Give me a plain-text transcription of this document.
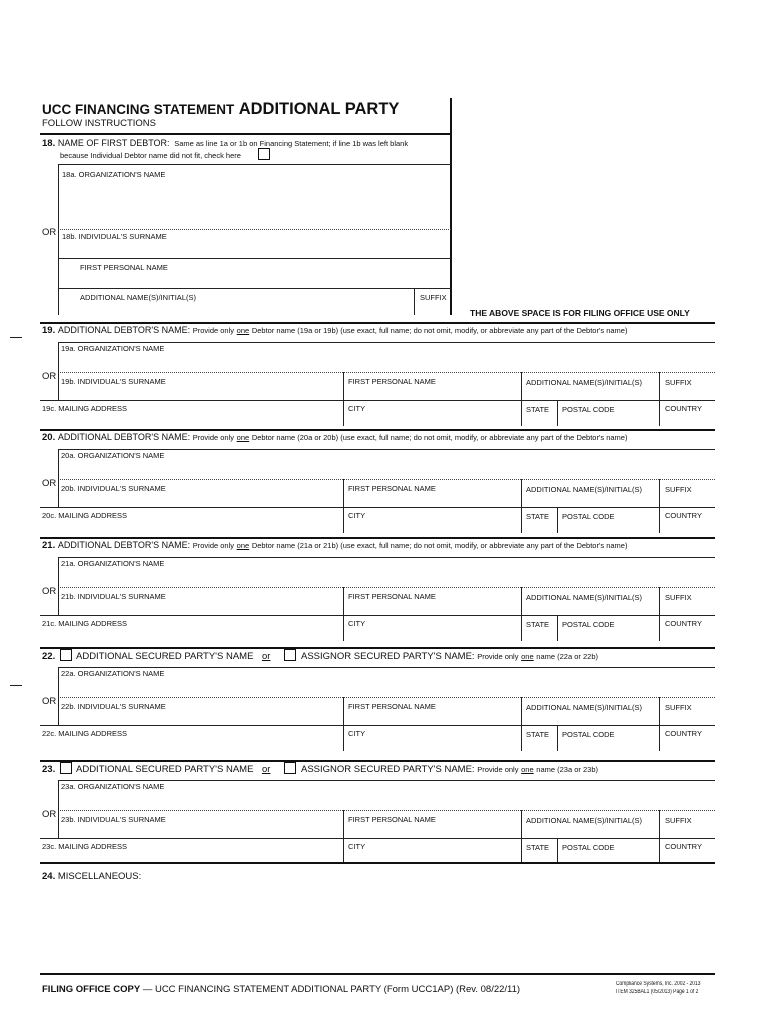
UCC FINANCING STATEMENT ADDITIONAL PARTY
FOLLOW INSTRUCTIONS
18. NAME OF FIRST DEBTOR: Same as line 1a or 1b on Financing Statement; if line 1b was left blank
because Individual Debtor name did not fit, check here
18a. ORGANIZATION'S NAME
OR 18b. INDIVIDUAL'S SURNAME
FIRST PERSONAL NAME
ADDITIONAL NAME(S)/INITIAL(S)	SUFFIX
THE ABOVE SPACE IS FOR FILING OFFICE USE ONLY
19. ADDITIONAL DEBTOR'S NAME: Provide only one Debtor name (19a or 19b) (use exact, full name; do not omit, modify, or abbreviate any part of the Debtor's name)
19a. ORGANIZATION'S NAME
OR 19b. INDIVIDUAL'S SURNAME	FIRST PERSONAL NAME	ADDITIONAL NAME(S)/INITIAL(S)	SUFFIX
19c. MAILING ADDRESS	CITY	STATE POSTAL CODE	COUNTRY
20. ADDITIONAL DEBTOR'S NAME: Provide only one Debtor name (20a or 20b) (use exact, full name; do not omit, modify, or abbreviate any part of the Debtor's name)
20a. ORGANIZATION'S NAME
OR 20b. INDIVIDUAL'S SURNAME	FIRST PERSONAL NAME	ADDITIONAL NAME(S)/INITIAL(S)	SUFFIX
20c. MAILING ADDRESS	CITY	STATE POSTAL CODE	COUNTRY
21. ADDITIONAL DEBTOR'S NAME: Provide only one Debtor name (21a or 21b) (use exact, full name; do not omit, modify, or abbreviate any part of the Debtor's name)
21a. ORGANIZATION'S NAME
OR 21b. INDIVIDUAL'S SURNAME	FIRST PERSONAL NAME	ADDITIONAL NAME(S)/INITIAL(S)	SUFFIX
21c. MAILING ADDRESS	CITY	STATE POSTAL CODE	COUNTRY
22. ADDITIONAL SECURED PARTY'S NAME or	ASSIGNOR SECURED PARTY'S NAME: Provide only one name (22a or 22b)
22a. ORGANIZATION'S NAME
OR 22b. INDIVIDUAL'S SURNAME	FIRST PERSONAL NAME	ADDITIONAL NAME(S)/INITIAL(S)	SUFFIX
22c. MAILING ADDRESS	CITY	STATE POSTAL CODE	COUNTRY
23. ADDITIONAL SECURED PARTY'S NAME or	ASSIGNOR SECURED PARTY'S NAME: Provide only one name (23a or 23b)
23a. ORGANIZATION'S NAME
OR 23b. INDIVIDUAL'S SURNAME	FIRST PERSONAL NAME	ADDITIONAL NAME(S)/INITIAL(S)	SUFFIX
23c. MAILING ADDRESS	CITY	STATE POSTAL CODE	COUNTRY
24. MISCELLANEOUS:
FILING OFFICE COPY — UCC FINANCING STATEMENT ADDITIONAL PARTY (Form UCC1AP) (Rev. 08/22/11)	Compliance Systems, Inc. 2002 - 2013
ITEM 325BAL1 (05/2013) Page 1 of 2
